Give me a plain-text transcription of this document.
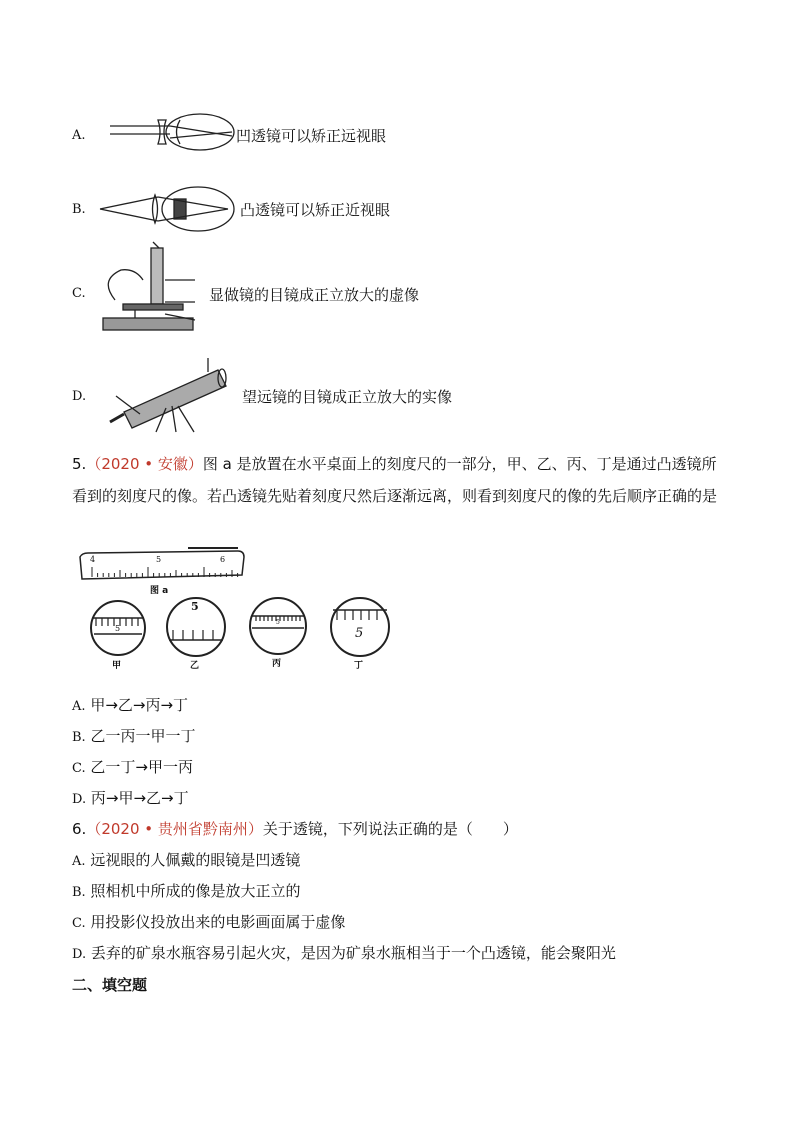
A.	凹透镜可以矫正远视眼
B.	凸透镜可以矫正近视眼
C.	显做镜的目镜成正立放大的虚像
D.	望远镜的目镜成正立放大的实像
5.（2020 • 安徽）图 a 是放置在水平桌面上的刻度尺的一部分，甲、乙、丙、丁是通过凸透镜所看到的刻度尺的像。若凸透镜先贴着刻度尺然后逐渐远离，则看到刻度尺的像的先后顺序正确的是
4	5	6
图 a
5
甲
5
乙
5
丙
5
丁
A. 甲→乙→丙→丁
B. 乙一丙一甲一丁
C. 乙一丁→甲一丙
D. 丙→甲→乙→丁
6.（2020 • 贵州省黔南州）关于透镜，下列说法正确的是（　　）
A. 远视眼的人佩戴的眼镜是凹透镜
B. 照相机中所成的像是放大正立的
C. 用投影仪投放出来的电影画面属于虚像
D. 丢弃的矿泉水瓶容易引起火灾，是因为矿泉水瓶相当于一个凸透镜，能会聚阳光
二、填空题
